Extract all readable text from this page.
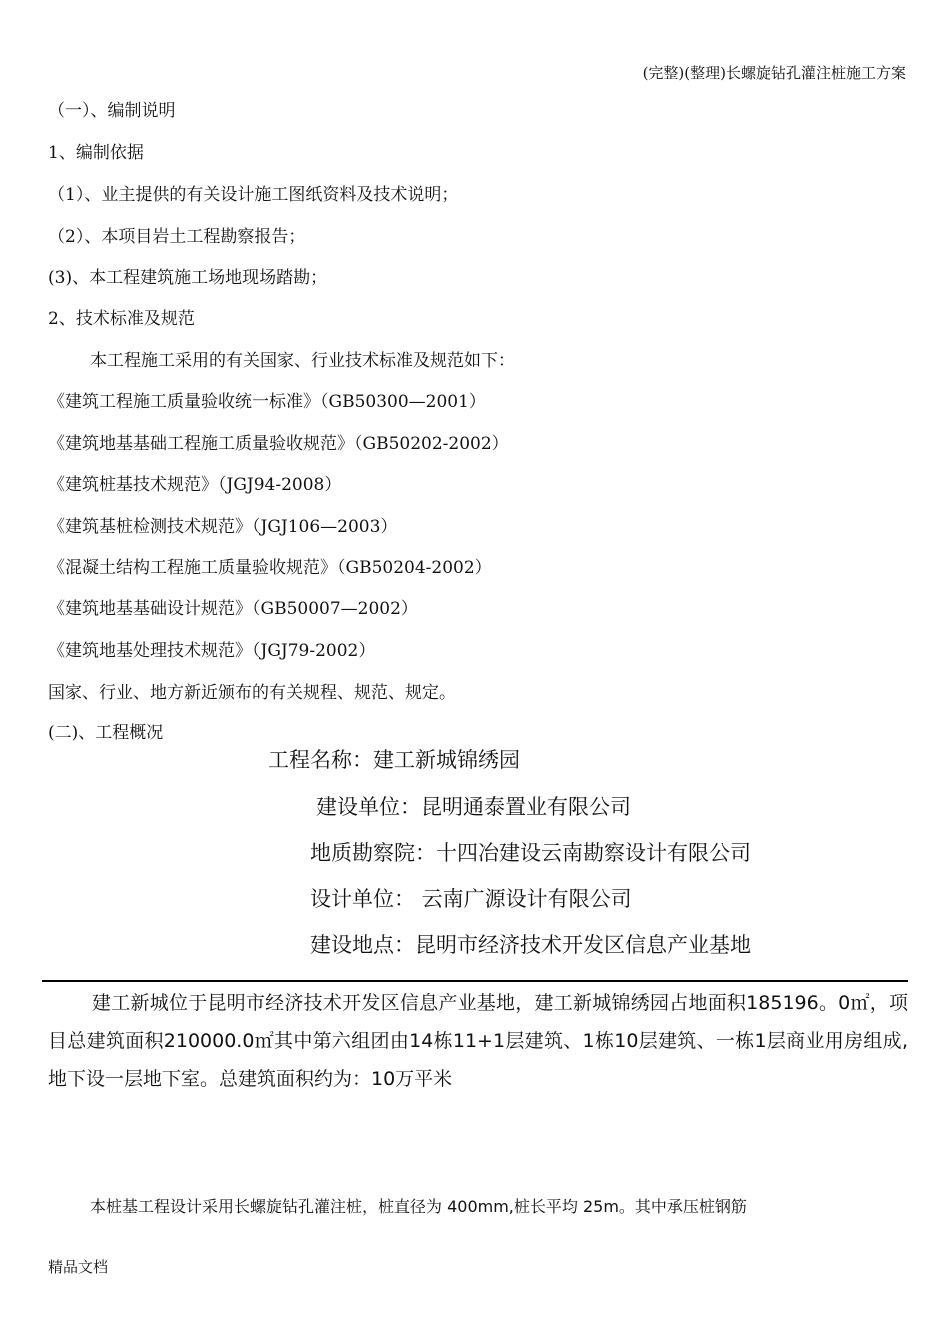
(完整)(整理)长螺旋钻孔灌注桩施工方案
（一）、编制说明
1、编制依据
（1）、业主提供的有关设计施工图纸资料及技术说明；
（2）、本项目岩土工程勘察报告；
(3)、本工程建筑施工场地现场踏勘；
2、技术标准及规范
本工程施工采用的有关国家、行业技术标准及规范如下：
《建筑工程施工质量验收统一标准》（GB50300—2001）
《建筑地基基础工程施工质量验收规范》（GB50202-2002）
《建筑桩基技术规范》（JGJ94-2008）
《建筑基桩检测技术规范》（JGJ106—2003）
《混凝土结构工程施工质量验收规范》（GB50204-2002）
《建筑地基基础设计规范》（GB50007—2002）
《建筑地基处理技术规范》（JGJ79-2002）
国家、行业、地方新近颁布的有关规程、规范、规定。
(二)、工程概况
工程名称：建工新城锦绣园
建设单位：昆明通泰置业有限公司
地质勘察院：十四冶建设云南勘察设计有限公司
设计单位： 云南广源设计有限公司
建设地点：昆明市经济技术开发区信息产业基地
建工新城位于昆明市经济技术开发区信息产业基地，建工新城锦绣园占地面积185196。0㎡，项目总建筑面积210000.0㎡其中第六组团由14栋11+1层建筑、1栋10层建筑、一栋1层商业用房组成,地下设一层地下室。总建筑面积约为：10万平米
本桩基工程设计采用长螺旋钻孔灌注桩，桩直径为 400mm,桩长平均 25m。其中承压桩钢筋
精品文档
